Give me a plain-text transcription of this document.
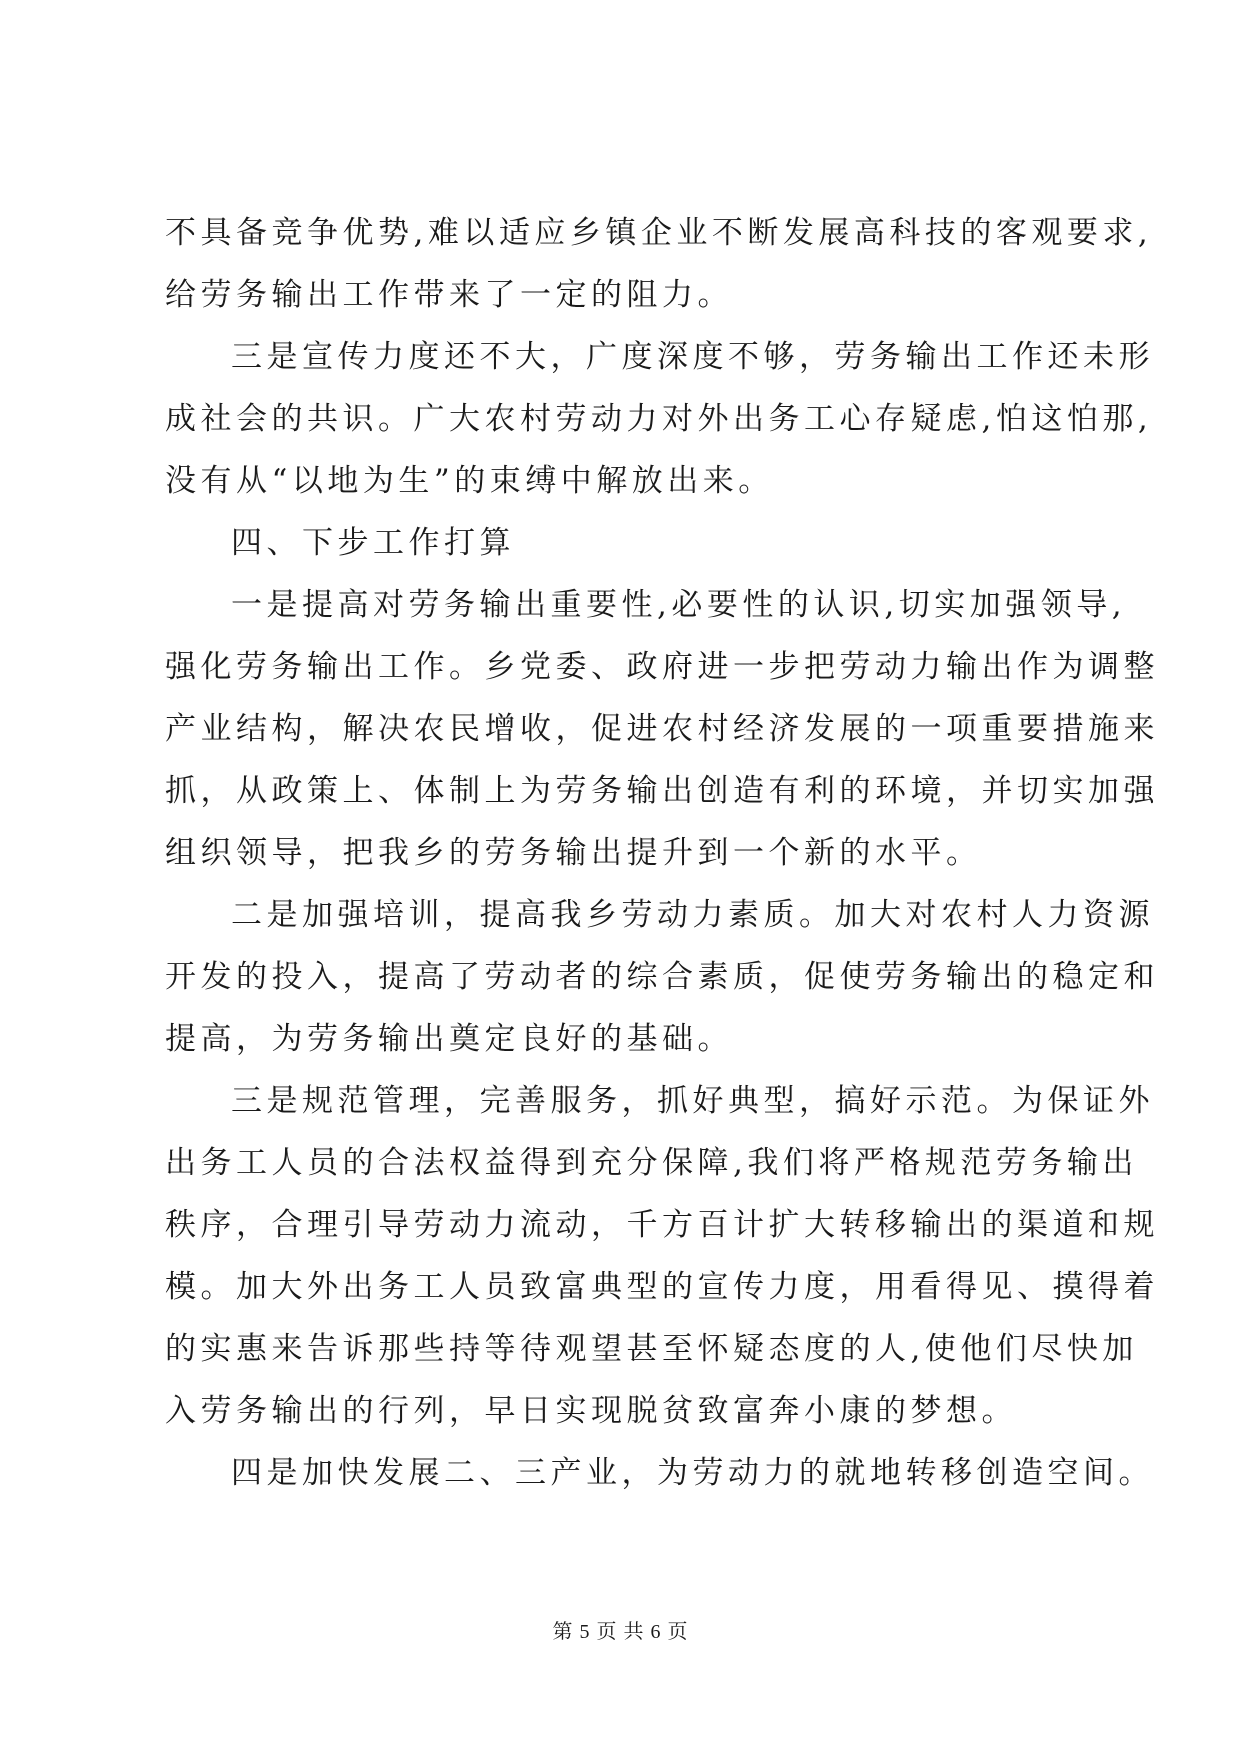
不具备竞争优势,难以适应乡镇企业不断发展高科技的客观要求,
给劳务输出工作带来了一定的阻力。
三是宣传力度还不大，广度深度不够，劳务输出工作还未形
成社会的共识。广大农村劳动力对外出务工心存疑虑,怕这怕那,
没有从“以地为生”的束缚中解放出来。
四、下步工作打算
一是提高对劳务输出重要性,必要性的认识,切实加强领导,
强化劳务输出工作。乡党委、政府进一步把劳动力输出作为调整
产业结构，解决农民增收，促进农村经济发展的一项重要措施来
抓，从政策上、体制上为劳务输出创造有利的环境，并切实加强
组织领导，把我乡的劳务输出提升到一个新的水平。
二是加强培训，提高我乡劳动力素质。加大对农村人力资源
开发的投入，提高了劳动者的综合素质，促使劳务输出的稳定和
提高，为劳务输出奠定良好的基础。
三是规范管理，完善服务，抓好典型，搞好示范。为保证外
出务工人员的合法权益得到充分保障,我们将严格规范劳务输出
秩序，合理引导劳动力流动，千方百计扩大转移输出的渠道和规
模。加大外出务工人员致富典型的宣传力度，用看得见、摸得着
的实惠来告诉那些持等待观望甚至怀疑态度的人,使他们尽快加
入劳务输出的行列，早日实现脱贫致富奔小康的梦想。
四是加快发展二、三产业，为劳动力的就地转移创造空间。
第 5 页 共 6 页
